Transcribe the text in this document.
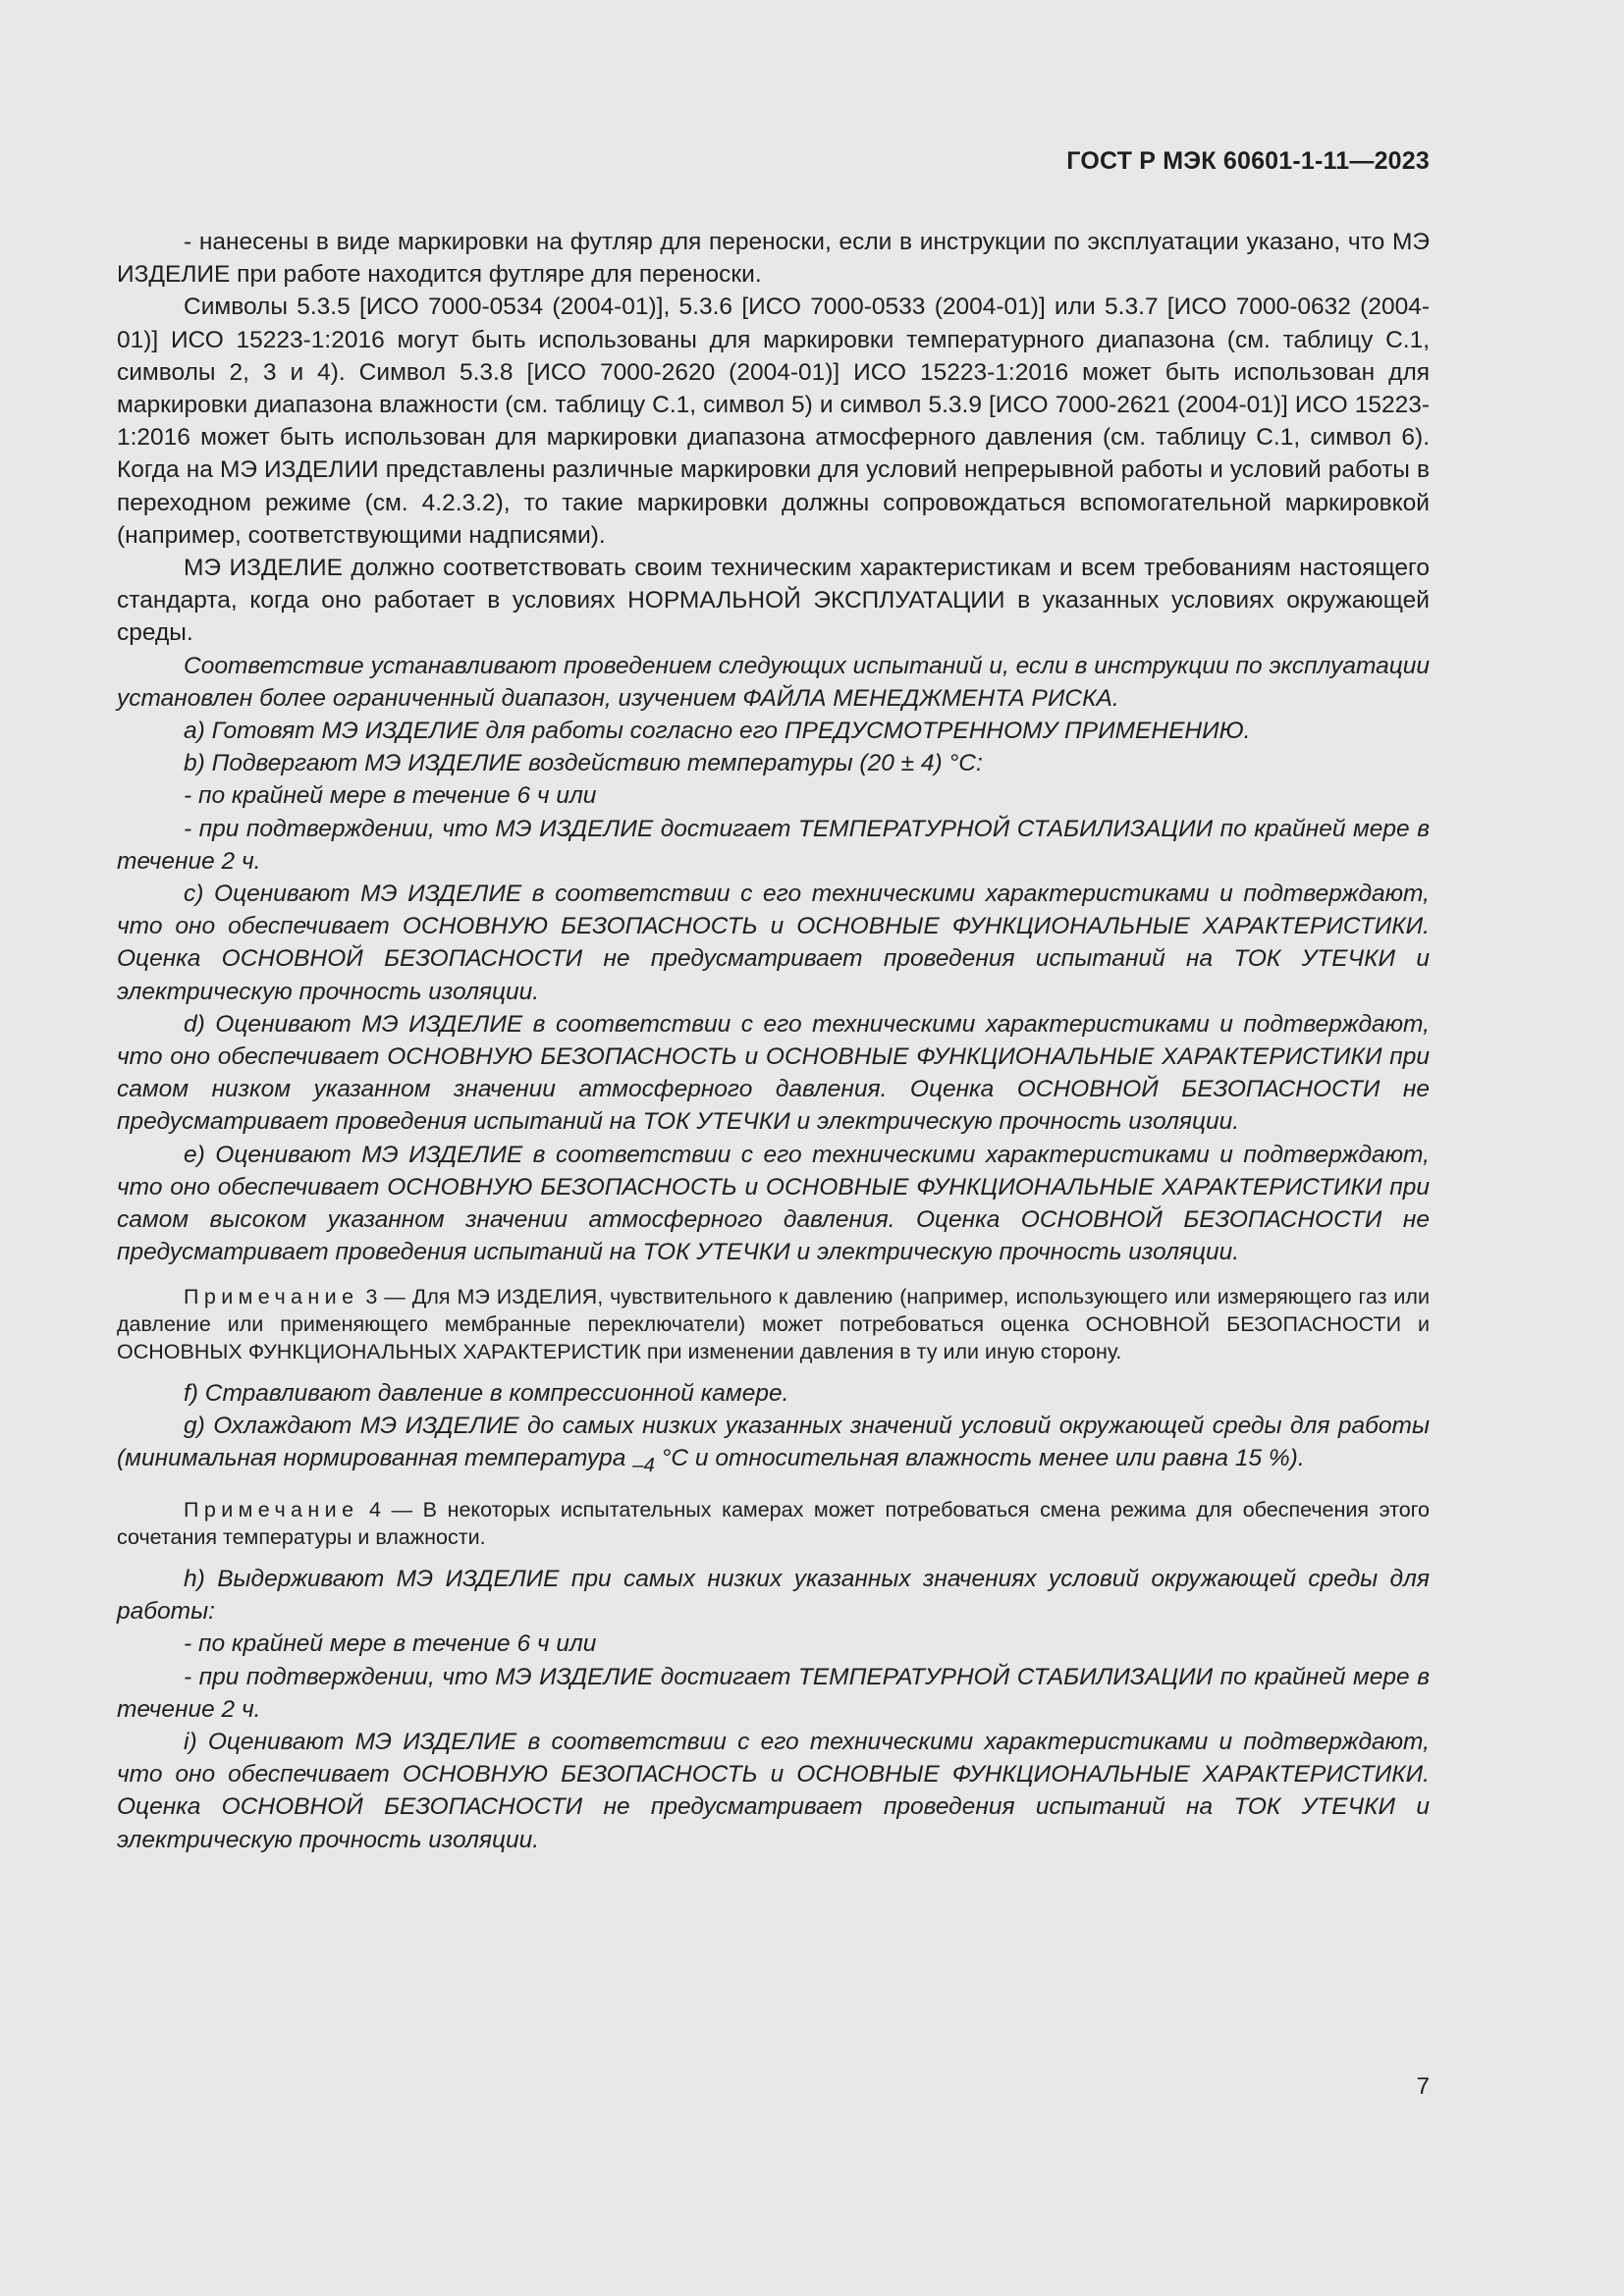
ГОСТ Р МЭК 60601-1-11—2023

- нанесены в виде маркировки на футляр для переноски, если в инструкции по эксплуатации указано, что МЭ ИЗДЕЛИЕ при работе находится футляре для переноски.

Символы 5.3.5 [ИСО 7000-0534 (2004-01)], 5.3.6 [ИСО 7000-0533 (2004-01)] или 5.3.7 [ИСО 7000-0632 (2004-01)] ИСО 15223-1:2016 могут быть использованы для маркировки температурного диапазона (см. таблицу С.1, символы 2, 3 и 4). Символ 5.3.8 [ИСО 7000-2620 (2004-01)] ИСО 15223-1:2016 может быть использован для маркировки диапазона влажности (см. таблицу С.1, символ 5) и символ 5.3.9 [ИСО 7000-2621 (2004-01)] ИСО 15223-1:2016 может быть использован для маркировки диапазона атмосферного давления (см. таблицу С.1, символ 6). Когда на МЭ ИЗДЕЛИИ представлены различные маркировки для условий непрерывной работы и условий работы в переходном режиме (см. 4.2.3.2), то такие маркировки должны сопровождаться вспомогательной маркировкой (например, соответствующими надписями).

МЭ ИЗДЕЛИЕ должно соответствовать своим техническим характеристикам и всем требованиям настоящего стандарта, когда оно работает в условиях НОРМАЛЬНОЙ ЭКСПЛУАТАЦИИ в указанных условиях окружающей среды.

Соответствие устанавливают проведением следующих испытаний и, если в инструкции по эксплуатации установлен более ограниченный диапазон, изучением ФАЙЛА МЕНЕДЖМЕНТА РИСКА.

a) Готовят МЭ ИЗДЕЛИЕ для работы согласно его ПРЕДУСМОТРЕННОМУ ПРИМЕНЕНИЮ.

b) Подвергают МЭ ИЗДЕЛИЕ воздействию температуры (20 ± 4) °С:

- по крайней мере в течение 6 ч или

- при подтверждении, что МЭ ИЗДЕЛИЕ достигает ТЕМПЕРАТУРНОЙ СТАБИЛИЗАЦИИ по крайней мере в течение 2 ч.

c) Оценивают МЭ ИЗДЕЛИЕ в соответствии с его техническими характеристиками и подтверждают, что оно обеспечивает ОСНОВНУЮ БЕЗОПАСНОСТЬ и ОСНОВНЫЕ ФУНКЦИОНАЛЬНЫЕ ХАРАКТЕРИСТИКИ. Оценка ОСНОВНОЙ БЕЗОПАСНОСТИ не предусматривает проведения испытаний на ТОК УТЕЧКИ и электрическую прочность изоляции.

d) Оценивают МЭ ИЗДЕЛИЕ в соответствии с его техническими характеристиками и подтверждают, что оно обеспечивает ОСНОВНУЮ БЕЗОПАСНОСТЬ и ОСНОВНЫЕ ФУНКЦИОНАЛЬНЫЕ ХАРАКТЕРИСТИКИ при самом низком указанном значении атмосферного давления. Оценка ОСНОВНОЙ БЕЗОПАСНОСТИ не предусматривает проведения испытаний на ТОК УТЕЧКИ и электрическую прочность изоляции.

e) Оценивают МЭ ИЗДЕЛИЕ в соответствии с его техническими характеристиками и подтверждают, что оно обеспечивает ОСНОВНУЮ БЕЗОПАСНОСТЬ и ОСНОВНЫЕ ФУНКЦИОНАЛЬНЫЕ ХАРАКТЕРИСТИКИ при самом высоком указанном значении атмосферного давления. Оценка ОСНОВНОЙ БЕЗОПАСНОСТИ не предусматривает проведения испытаний на ТОК УТЕЧКИ и электрическую прочность изоляции.

Примечание 3 — Для МЭ ИЗДЕЛИЯ, чувствительного к давлению (например, использующего или измеряющего газ или давление или применяющего мембранные переключатели) может потребоваться оценка ОСНОВНОЙ БЕЗОПАСНОСТИ и ОСНОВНЫХ ФУНКЦИОНАЛЬНЫХ ХАРАКТЕРИСТИК при изменении давления в ту или иную сторону.

f) Стравливают давление в компрессионной камере.

g) Охлаждают МЭ ИЗДЕЛИЕ до самых низких указанных значений условий окружающей среды для работы (минимальная нормированная температура $_{-4}$ °С и относительная влажность менее или равна 15 %).

Примечание 4 — В некоторых испытательных камерах может потребоваться смена режима для обеспечения этого сочетания температуры и влажности.

h) Выдерживают МЭ ИЗДЕЛИЕ при самых низких указанных значениях условий окружающей среды для работы:

- по крайней мере в течение 6 ч или

- при подтверждении, что МЭ ИЗДЕЛИЕ достигает ТЕМПЕРАТУРНОЙ СТАБИЛИЗАЦИИ по крайней мере в течение 2 ч.

i) Оценивают МЭ ИЗДЕЛИЕ в соответствии с его техническими характеристиками и подтверждают, что оно обеспечивает ОСНОВНУЮ БЕЗОПАСНОСТЬ и ОСНОВНЫЕ ФУНКЦИОНАЛЬНЫЕ ХАРАКТЕРИСТИКИ. Оценка ОСНОВНОЙ БЕЗОПАСНОСТИ не предусматривает проведения испытаний на ТОК УТЕЧКИ и электрическую прочность изоляции.

7
